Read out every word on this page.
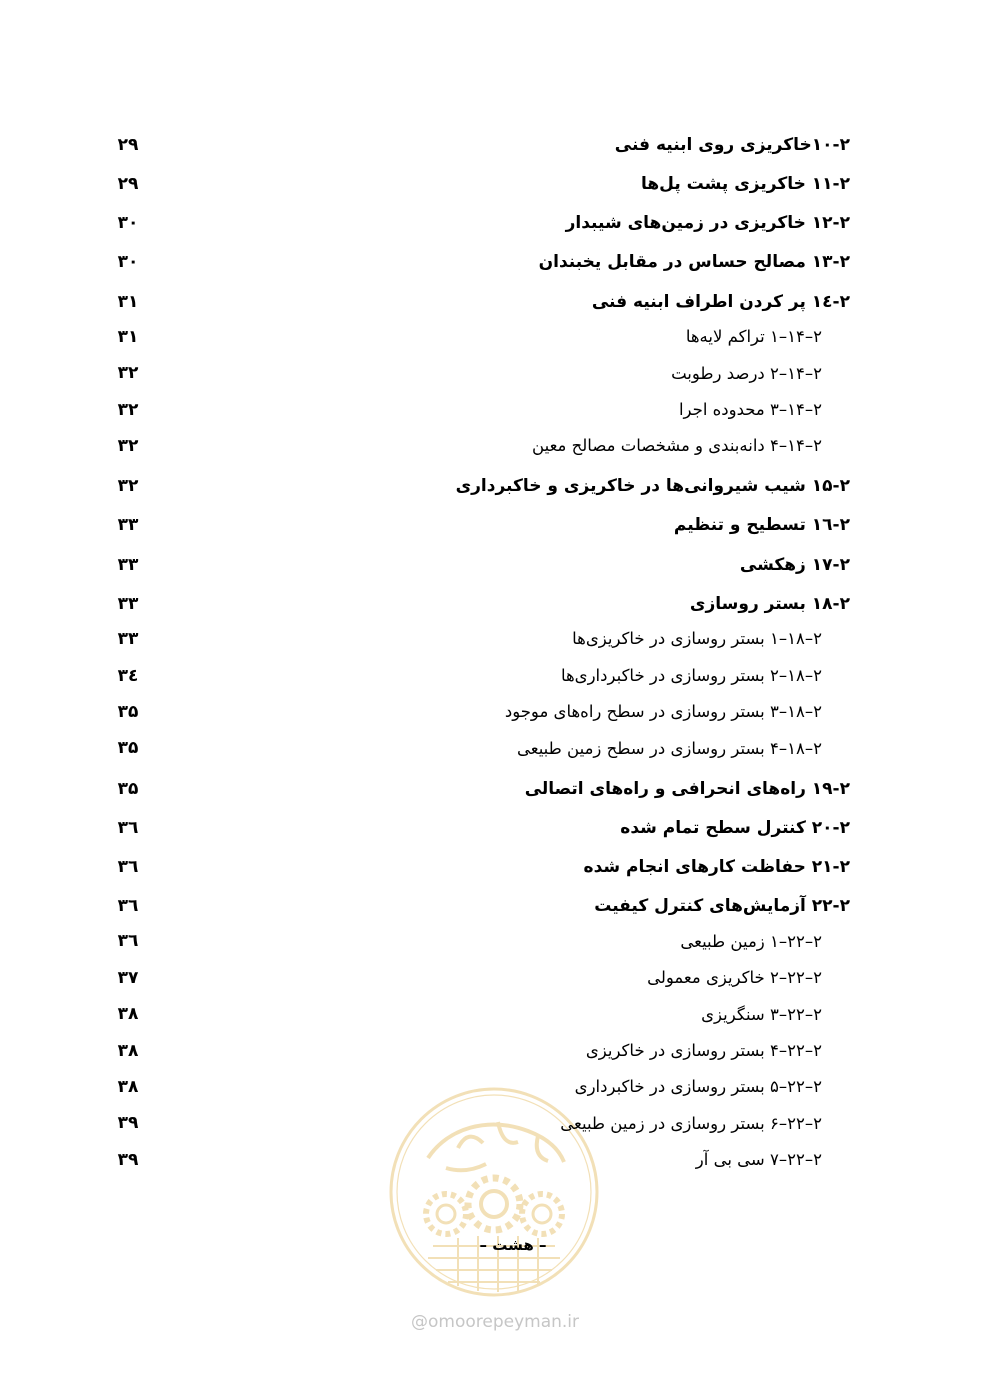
۲
-
۱۰
خاکریزی روی ابنیه فنی
۲۹
۲
-
۱۱
خاکریزی پشت پل‌ها
۲۹
۲
-
۱۲
خاکریزی در زمین‌های شیبدار
۳۰
۲
-
۱۳
مصالح حساس در مقابل یخبندان
۳۰
۲
-
۱٤
پر کردن اطراف ابنیه فنی
۳۱
۲
–
۱۴
–
۱
تراکم لایه‌ها
۳۱
۲
–
۱۴
–
۲
درصد رطوبت
۳۲
۲
–
۱۴
–
۳
محدوده اجرا
۳۲
۲
–
۱۴
–
۴
دانه‌بندی و مشخصات مصالح معین
۳۲
۲
-
۱۵
شیب شیروانی‌ها در خاکریزی و خاکبرداری
۳۲
۲
-
۱٦
تسطیح و تنظیم
۳۳
۲
-
۱۷
زهکشی
۳۳
۲
-
۱۸
بستر روسازی
۳۳
۲
–
۱۸
–
۱
بستر روسازی در خاکریزی‌ها
۳۳
۲
–
۱۸
–
۲
بستر روسازی در خاکبرداری‌ها
۳٤
۲
–
۱۸
–
۳
بستر روسازی در سطح راه‌های موجود
۳۵
۲
–
۱۸
–
۴
بستر روسازی در سطح زمین طبیعی
۳۵
۲
-
۱۹
راه‌های انحرافی و راه‌های اتصالی
۳۵
۲
-
۲۰
کنترل سطح تمام شده
۳٦
۲
-
۲۱
حفاظت کارهای انجام شده
۳٦
۲
-
۲۲
آزمایش‌های کنترل کیفیت
۳٦
۲
–
۲۲
–
۱
زمین طبیعی
۳٦
۲
–
۲۲
–
۲
خاکریزی معمولی
۳۷
۲
–
۲۲
–
۳
سنگریزی
۳۸
۲
–
۲۲
–
۴
بستر روسازی در خاکریزی
۳۸
۲
–
۲۲
–
۵
بستر روسازی در خاکبرداری
۳۸
۲
–
۲۲
–
۶
بستر روسازی در زمین طبیعی
۳۹
۲
–
۲۲
–
۷
سی بی آر
۳۹
– هشت –
@omoorepeyman.ir
